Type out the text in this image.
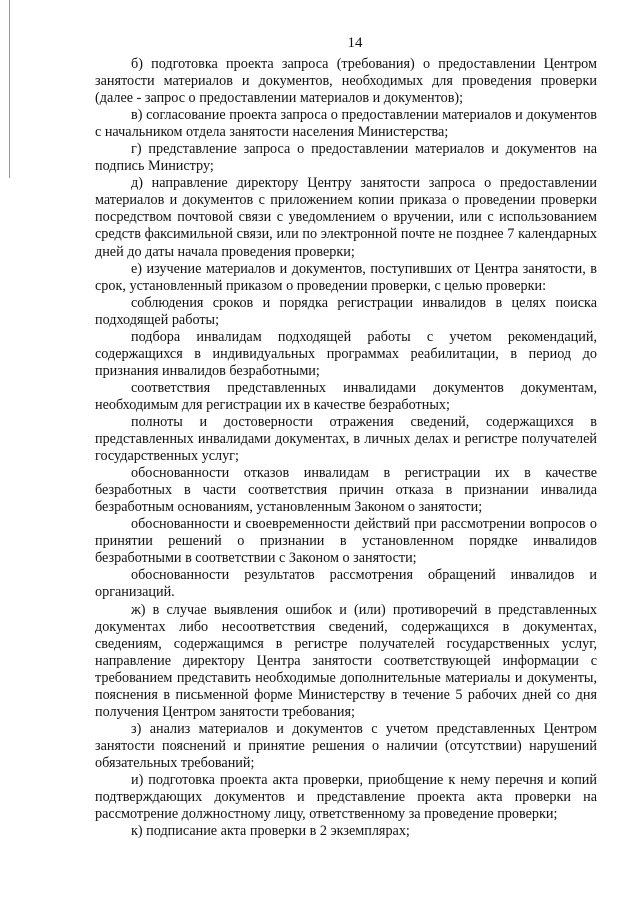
14

б) подготовка проекта запроса (требования) о предоставлении Центром занятости материалов и документов, необходимых для проведения проверки (далее - запрос о предоставлении материалов и документов);

в) согласование проекта запроса о предоставлении материалов и документов с начальником отдела занятости населения Министерства;

г) представление запроса о предоставлении материалов и документов на подпись Министру;

д) направление директору Центру занятости запроса о предоставлении материалов и документов с приложением копии приказа о проведении проверки посредством почтовой связи с уведомлением о вручении, или с использованием средств факсимильной связи, или по электронной почте не позднее 7 календарных дней до даты начала проведения проверки;

е) изучение материалов и документов, поступивших от Центра занятости, в срок, установленный приказом о проведении проверки, с целью проверки:

соблюдения сроков и порядка регистрации инвалидов в целях поиска подходящей работы;

подбора инвалидам подходящей работы с учетом рекомендаций, содержащихся в индивидуальных программах реабилитации, в период до признания инвалидов безработными;

соответствия представленных инвалидами документов документам, необходимым для регистрации их в качестве безработных;

полноты и достоверности отражения сведений, содержащихся в представленных инвалидами документах, в личных делах и регистре получателей государственных услуг;

обоснованности отказов инвалидам в регистрации их в качестве безработных в части соответствия причин отказа в признании инвалида безработным основаниям, установленным Законом о занятости;

обоснованности и своевременности действий при рассмотрении вопросов о принятии решений о признании в установленном порядке инвалидов безработными в соответствии с Законом о занятости;

обоснованности результатов рассмотрения обращений инвалидов и организаций.

ж) в случае выявления ошибок и (или) противоречий в представленных документах либо несоответствия сведений, содержащихся в документах, сведениям, содержащимся в регистре получателей государственных услуг, направление директору Центра занятости соответствующей информации с требованием представить необходимые дополнительные материалы и документы, пояснения в письменной форме Министерству в течение 5 рабочих дней со дня получения Центром занятости требования;

з) анализ материалов и документов с учетом представленных Центром занятости пояснений и принятие решения о наличии (отсутствии) нарушений обязательных требований;

и) подготовка проекта акта проверки, приобщение к нему перечня и копий подтверждающих документов и представление проекта акта проверки на рассмотрение должностному лицу, ответственному за проведение проверки;

к) подписание акта проверки в 2 экземплярах;
